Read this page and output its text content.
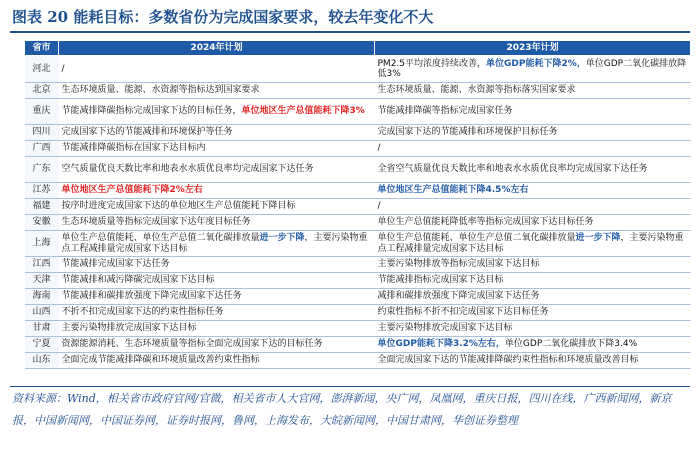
图表 20 能耗目标：多数省份为完成国家要求，较去年变化不大
省市	2024年计划	2023年计划
河北	/	PM2.5平均浓度持续改善，单位GDP能耗下降2%，单位GDP二氧化碳排放降低3%
北京	生态环境质量、能源、水资源等指标达到国家要求	生态环境质量、能源、水资源等指标落实国家要求
重庆	节能减排降碳指标完成国家下达的目标任务，单位地区生产总值能耗下降3%	节能减排降碳等指标完成国家任务
四川	完成国家下达的节能减排和环境保护等任务	完成国家下达的节能减排和环境保护目标任务
广西	节能减排降碳指标在国家下达目标内	/
广东	空气质量优良天数比率和地表水水质优良率均完成国家下达任务	全省空气质量优良天数比率和地表水水质优良率均完成国家下达任务
江苏	单位地区生产总值能耗下降2%左右	单位地区生产总值能耗下降4.5%左右
福建	按序时进度完成国家下达的单位地区生产总值能耗下降目标	/
安徽	生态环境质量等指标完成国家下达年度目标任务	单位生产总值能耗降低率等指标完成国家下达目标任务
上海	单位生产总值能耗、单位生产总值二氧化碳排放量进一步下降，主要污染物重点工程减排量完成国家下达目标	单位生产总值能耗、单位生产总值二氧化碳排放量进一步下降，主要污染物重点工程减排量完成国家下达目标
江西	节能减排完成国家下达任务	主要污染物排放等指标完成国家下达目标
天津	节能减排和减污降碳完成国家下达目标	节能减排指标完成国家下达目标
海南	节能减排和碳排放强度下降完成国家下达任务	减排和碳排放强度下降完成国家下达任务
山西	不折不扣完成国家下达的约束性指标任务	约束性指标不折不扣完成国家下达目标任务
甘肃	主要污染物排放完成国家下达目标	主要污染物排放完成国家下达目标
宁夏	资源能源消耗、生态环境质量等指标全面完成国家下达的目标任务	单位GDP能耗下降3.2%左右，单位GDP二氧化碳排放下降3.4%
山东	全面完成节能减排降碳和环境质量改善约束性指标	全面完成国家下达的节能减排降碳约束性指标和环境质量改善目标
资料来源：Wind，相关省市政府官网/官微，相关省市人大官网，澎湃新闻，央广网，凤凰网，重庆日报，四川在线，广西新闻网，新京报，中国新闻网，中国证券网，证券时报网，鲁网，上海发布，大皖新闻网，中国甘肃网，华创证券整理
